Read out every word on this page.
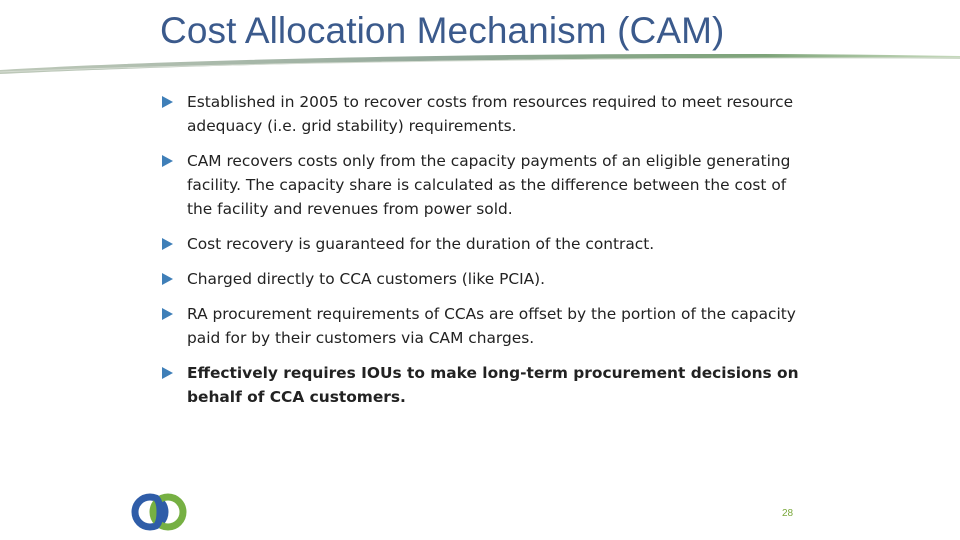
Cost Allocation Mechanism (CAM)
Established in 2005 to recover costs from resources required to meet resource adequacy (i.e. grid stability) requirements.
CAM recovers costs only from the capacity payments of an eligible generating facility. The capacity share is calculated as the difference between the cost of the facility and revenues from power sold.
Cost recovery is guaranteed for the duration of the contract.
Charged directly to CCA customers (like PCIA).
RA procurement requirements of CCAs are offset by the portion of the capacity paid for by their customers via CAM charges.
Effectively requires IOUs to make long-term procurement decisions on behalf of CCA customers.
28
